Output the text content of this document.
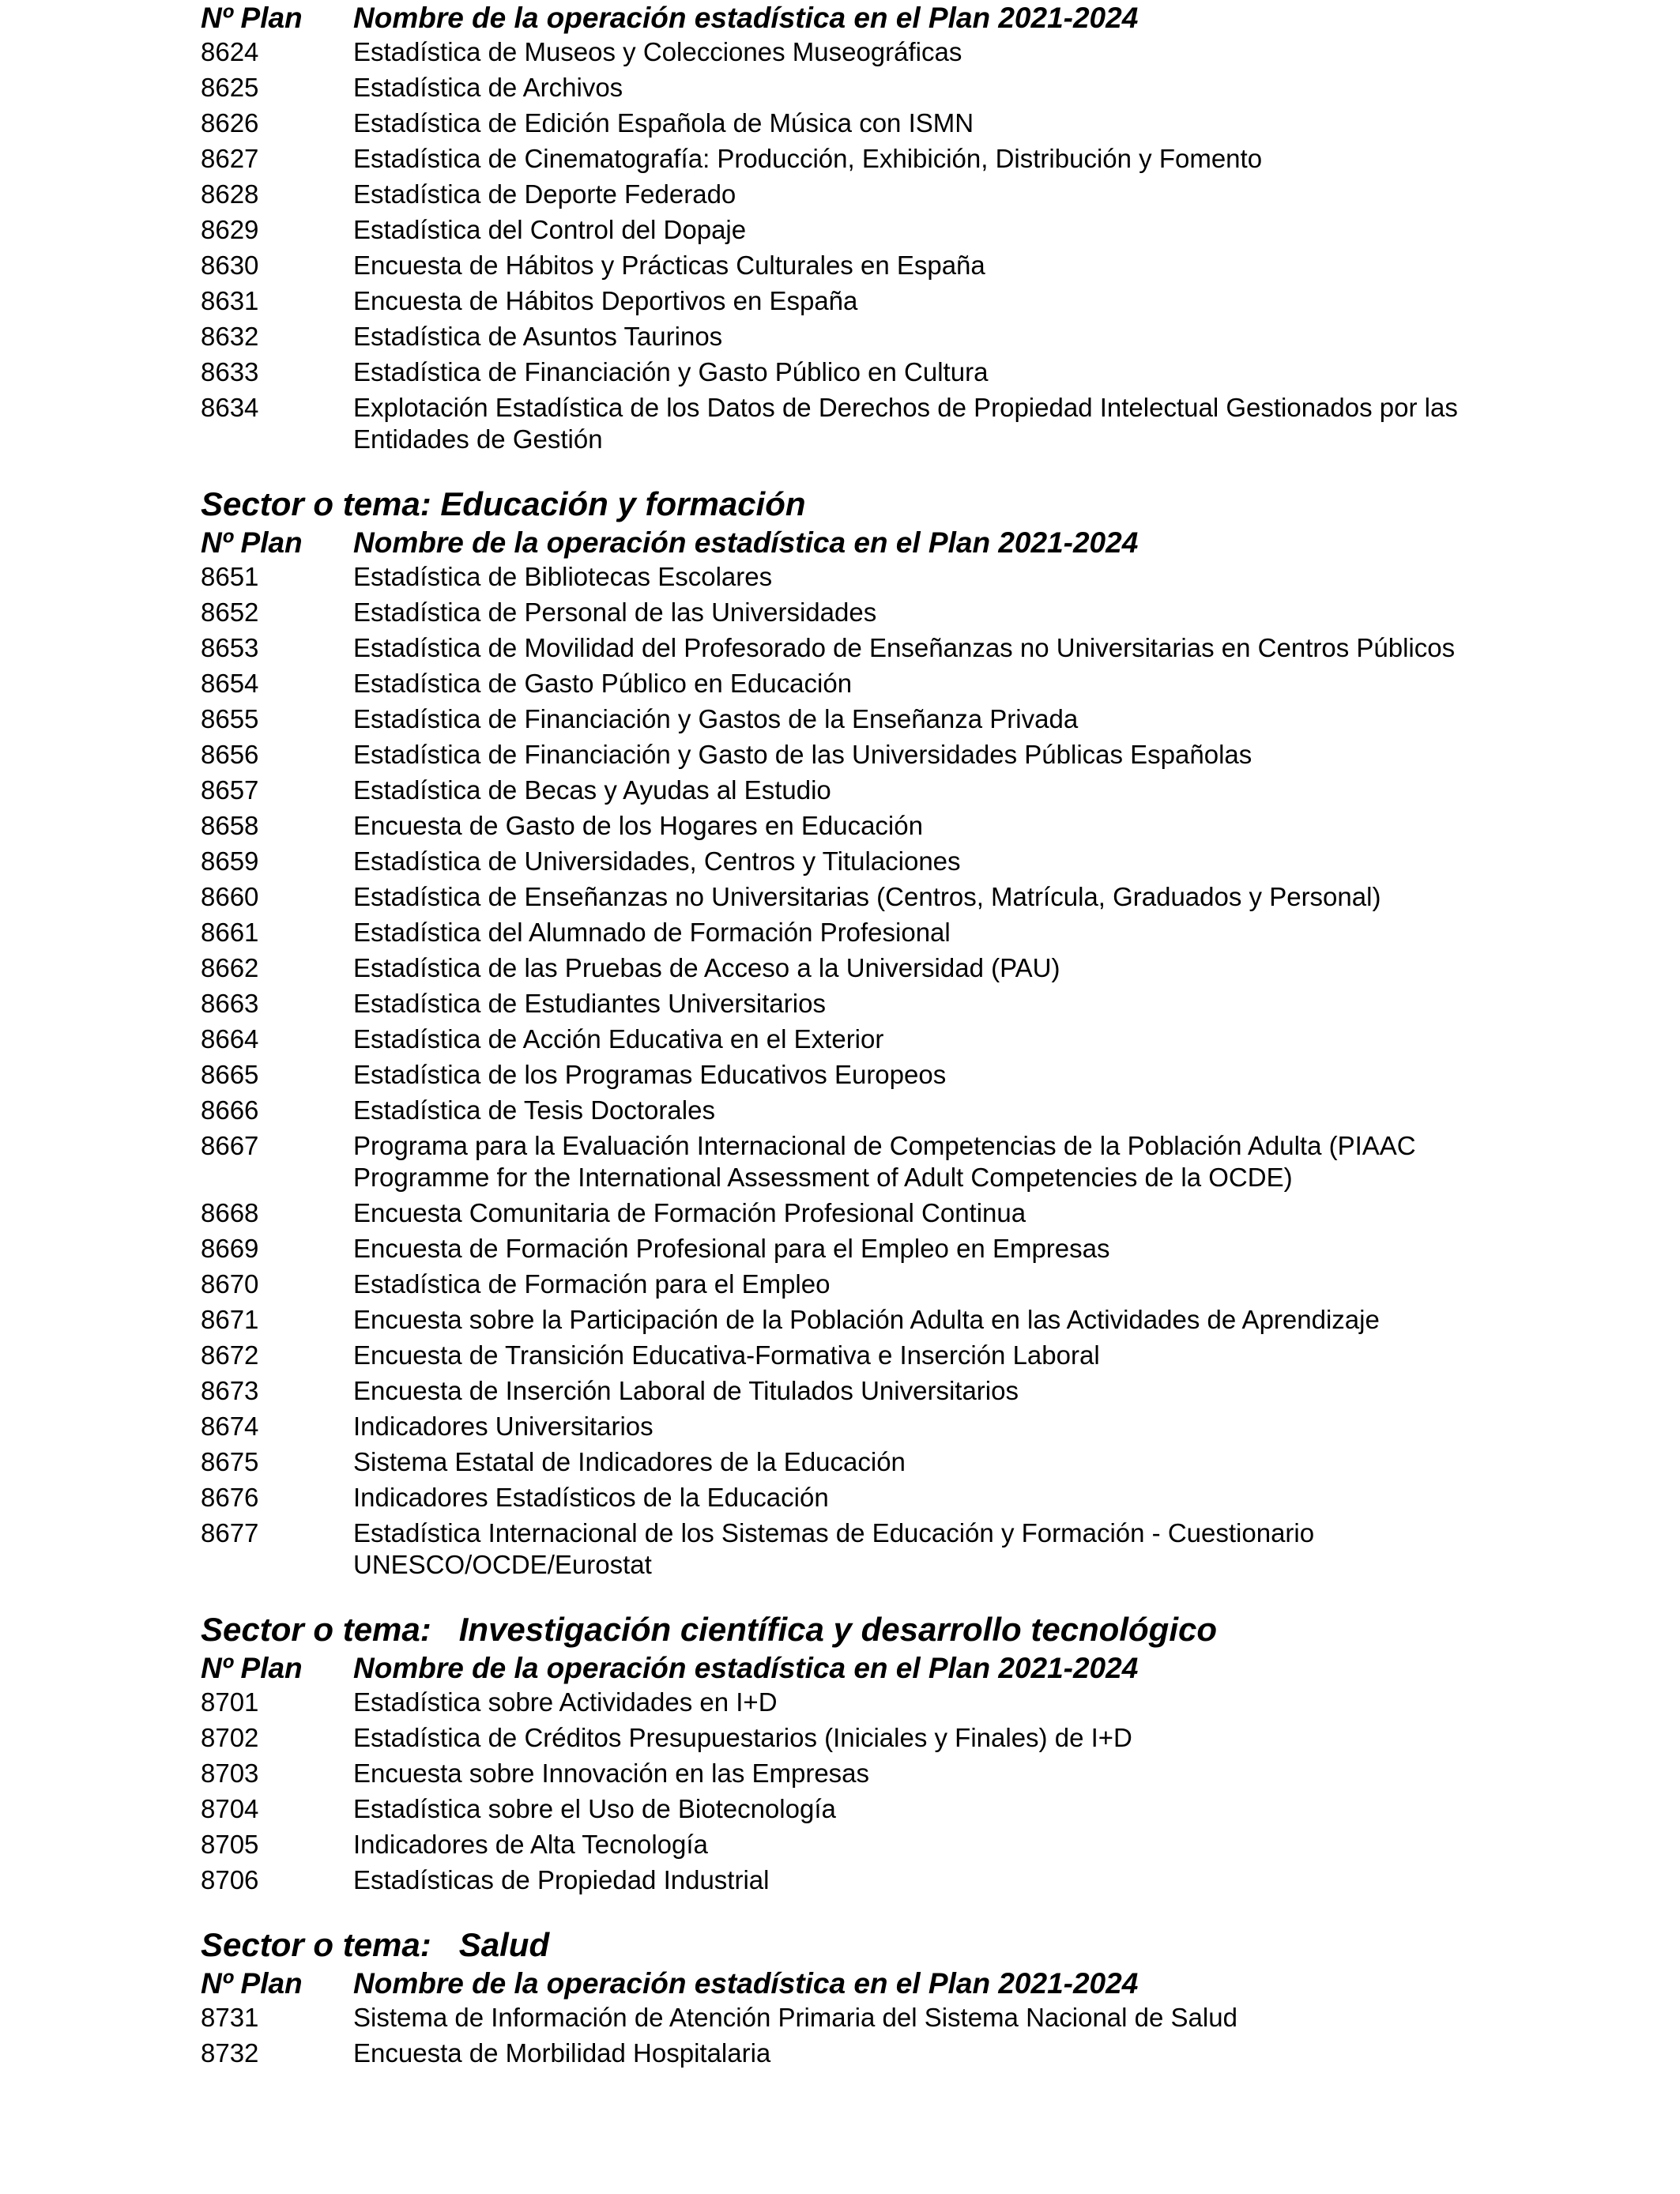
Nº Plan	Nombre de la operación estadística en el Plan 2021-2024
8624	Estadística de Museos y Colecciones Museográficas
8625	Estadística de Archivos
8626	Estadística de Edición Española de Música con ISMN
8627	Estadística de Cinematografía: Producción, Exhibición, Distribución y Fomento
8628	Estadística de Deporte Federado
8629	Estadística del Control del Dopaje
8630	Encuesta de Hábitos y Prácticas Culturales en España
8631	Encuesta de Hábitos Deportivos en España
8632	Estadística de Asuntos Taurinos
8633	Estadística de Financiación y Gasto Público en Cultura
8634	Explotación Estadística de los Datos de Derechos de Propiedad Intelectual Gestionados por las Entidades de Gestión
Sector o tema: Educación y formación
Nº Plan	Nombre de la operación estadística en el Plan 2021-2024
8651	Estadística de Bibliotecas Escolares
8652	Estadística de Personal de las Universidades
8653	Estadística de Movilidad del Profesorado de Enseñanzas no Universitarias en Centros Públicos
8654	Estadística de Gasto Público en Educación
8655	Estadística de Financiación y Gastos de la Enseñanza Privada
8656	Estadística de Financiación y Gasto de las Universidades Públicas Españolas
8657	Estadística de Becas y Ayudas al Estudio
8658	Encuesta de Gasto de los Hogares en Educación
8659	Estadística de Universidades, Centros y Titulaciones
8660	Estadística de Enseñanzas no Universitarias (Centros, Matrícula, Graduados y Personal)
8661	Estadística del Alumnado de Formación Profesional
8662	Estadística de las Pruebas de Acceso a la Universidad (PAU)
8663	Estadística de Estudiantes Universitarios
8664	Estadística de Acción Educativa en el Exterior
8665	Estadística de los Programas Educativos Europeos
8666	Estadística de Tesis Doctorales
8667	Programa para la Evaluación Internacional de Competencias de la Población Adulta (PIAAC Programme for the International Assessment of Adult Competencies de la OCDE)
8668	Encuesta Comunitaria de Formación Profesional Continua
8669	Encuesta de Formación Profesional para el Empleo en Empresas
8670	Estadística de Formación para el Empleo
8671	Encuesta sobre la Participación de la Población Adulta en las Actividades de Aprendizaje
8672	Encuesta de Transición Educativa-Formativa e Inserción Laboral
8673	Encuesta de Inserción Laboral de Titulados Universitarios
8674	Indicadores Universitarios
8675	Sistema Estatal de Indicadores de la Educación
8676	Indicadores Estadísticos de la Educación
8677	Estadística Internacional de los Sistemas de Educación y Formación - Cuestionario UNESCO/OCDE/Eurostat
Sector o tema:   Investigación científica y desarrollo tecnológico
Nº Plan	Nombre de la operación estadística en el Plan 2021-2024
8701	Estadística sobre Actividades en I+D
8702	Estadística de Créditos Presupuestarios (Iniciales y Finales) de I+D
8703	Encuesta sobre Innovación en las Empresas
8704	Estadística sobre el Uso de Biotecnología
8705	Indicadores de Alta Tecnología
8706	Estadísticas de Propiedad Industrial
Sector o tema:   Salud
Nº Plan	Nombre de la operación estadística en el Plan 2021-2024
8731	Sistema de Información de Atención Primaria del Sistema Nacional de Salud
8732	Encuesta de Morbilidad Hospitalaria
